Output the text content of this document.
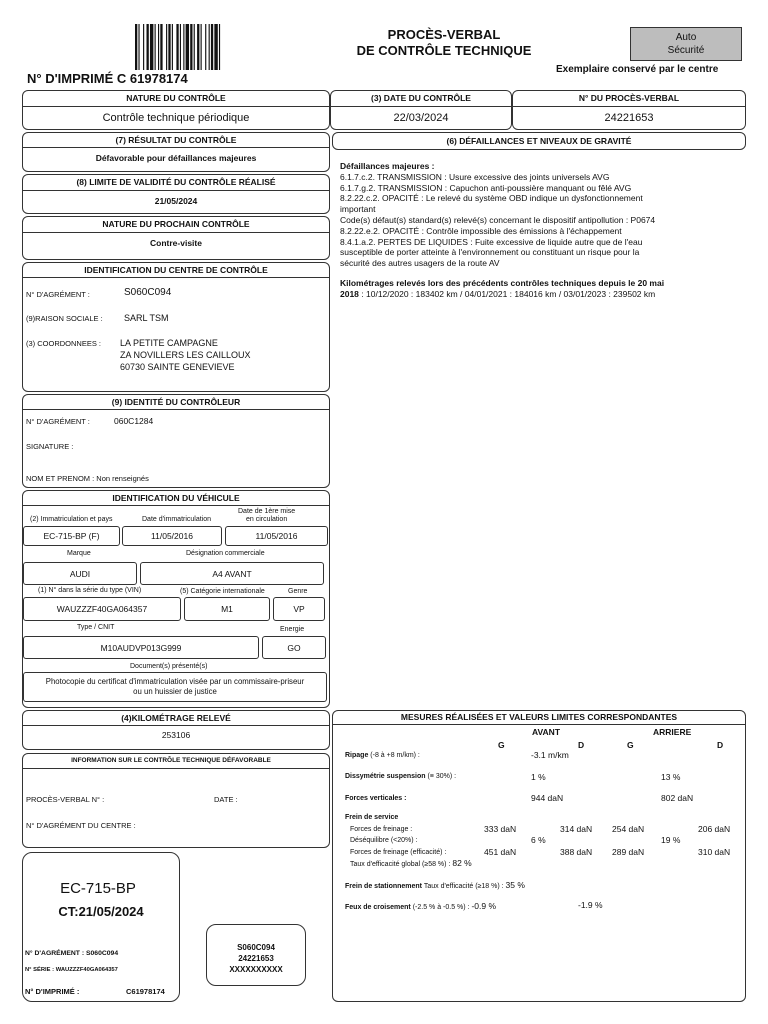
N° D'IMPRIMÉ C 61978174
PROCÈS-VERBAL
DE CONTRÔLE TECHNIQUE
Auto
Sécurité
Exemplaire conservé par le centre
NATURE DU CONTRÔLE
Contrôle technique périodique
(3) DATE DU CONTRÔLE
22/03/2024
N° DU PROCÈS-VERBAL
24221653
(7) RÉSULTAT DU CONTRÔLE
Défavorable pour défaillances majeures
(8) LIMITE DE VALIDITÉ DU CONTRÔLE RÉALISÉ
21/05/2024
NATURE DU PROCHAIN CONTRÔLE
Contre-visite
(6) DÉFAILLANCES ET NIVEAUX DE GRAVITÉ
Défaillances majeures :
6.1.7.c.2. TRANSMISSION : Usure excessive des joints universels AVG
6.1.7.g.2. TRANSMISSION : Capuchon anti-poussière manquant ou fêlé AVG
8.2.22.c.2. OPACITÉ : Le relevé du système OBD indique un dysfonctionnement
important
Code(s) défaut(s) standard(s) relevé(s) concernant le dispositif antipollution : P0674
8.2.22.e.2. OPACITÉ : Contrôle impossible des émissions à l'échappement
8.4.1.a.2. PERTES DE LIQUIDES : Fuite excessive de liquide autre que de l'eau
susceptible de porter atteinte à l'environnement ou constituant un risque pour la
sécurité des autres usagers de la route AV
Kilométrages relevés lors des précédents contrôles techniques depuis le 20 mai
2018 : 10/12/2020 : 183402 km / 04/01/2021 : 184016 km / 03/01/2023 : 239502 km
IDENTIFICATION DU CENTRE DE CONTRÔLE
N° D'AGRÉMENT :	S060C094
(9)RAISON SOCIALE : SARL TSM
(3) COORDONNEES : LA PETITE CAMPAGNE
ZA NOVILLERS LES CAILLOUX
60730 SAINTE GENEVIEVE
(9) IDENTITÉ DU CONTRÔLEUR
N° D'AGRÉMENT :	060C1284
SIGNATURE :
NOM ET PRENOM : Non renseignés
IDENTIFICATION DU VÉHICULE
(2) Immatriculation et pays	Date d'immatriculation
Date de 1ère mise
en circulation
EC-715-BP (F)	11/05/2016	11/05/2016
Marque	Désignation commerciale
AUDI	A4 AVANT
(1) N° dans la série du type (VIN)	(5) Catégorie internationale	Genre
WAUZZZF40GA064357	M1	VP
Type / CNIT	Energie
M10AUDVP013G999	GO
Document(s) présenté(s)
Photocopie du certificat d'immatriculation visée par un commissaire-priseur
ou un huissier de justice
(4)KILOMÉTRAGE RELEVÉ
253106
INFORMATION SUR LE CONTRÔLE TECHNIQUE DÉFAVORABLE
PROCÈS-VERBAL N° :	DATE :
N° D'AGRÉMENT DU CENTRE :
EC-715-BP
CT:21/05/2024
N° D'AGRÉMENT : S060C094
N° SÉRIE : WAUZZZF40GA064357
N° D'IMPRIMÉ :	C61978174
S060C094
24221653
XXXXXXXXXX
MESURES RÉALISÉES ET VALEURS LIMITES CORRESPONDANTES
AVANT	ARRIERE
G	D	G	D
Ripage (-8 à +8 m/km) :	-3.1 m/km
Dissymétrie suspension (≡ 30%) :	1 %	13 %
Forces verticales :	944 daN	802 daN
Frein de service
Forces de freinage :	333 daN	314 daN 254 daN	206 daN
Déséquilibre (<20%) :	6 %	19 %
Forces de freinage (efficacité) :	451 daN	388 daN 289 daN	310 daN
Taux d'efficacité global (≥58 %) : 82 %
Frein de stationnement Taux d'efficacité (≥18 %) : 35 %
Feux de croisement (-2.5 % à -0.5 %) : -0.9 %	-1.9 %
